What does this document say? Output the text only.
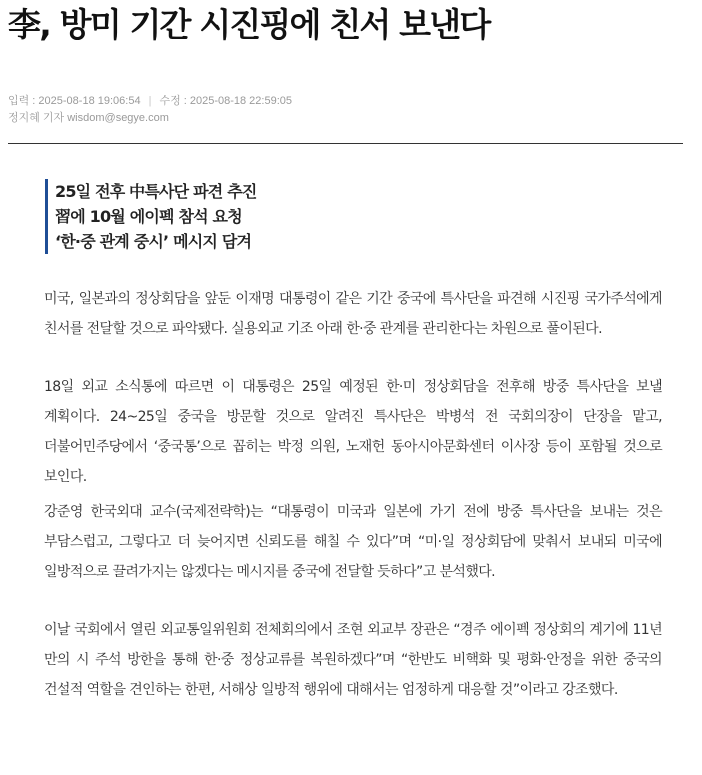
李, 방미 기간 시진핑에 친서 보낸다
입력 : 2025-08-18 19:06:54 | 수정 : 2025-08-18 22:59:05
정지혜 기자 wisdom@segye.com
25일 전후 中특사단 파견 추진
習에 10월 에이펙 참석 요청
‘한·중 관계 중시’ 메시지 담겨

미국, 일본과의 정상회담을 앞둔 이재명 대통령이 같은 기간 중국에 특사단을 파견해 시진핑 국가주석에게 친서를 전달할 것으로 파악됐다. 실용외교 기조 아래 한·중 관계를 관리한다는 차원으로 풀이된다.

18일 외교 소식통에 따르면 이 대통령은 25일 예정된 한·미 정상회담을 전후해 방중 특사단을 보낼 계획이다. 24~25일 중국을 방문할 것으로 알려진 특사단은 박병석 전 국회의장이 단장을 맡고, 더불어민주당에서 ‘중국통’으로 꼽히는 박정 의원, 노재헌 동아시아문화센터 이사장 등이 포함될 것으로 보인다.

강준영 한국외대 교수(국제전략학)는 “대통령이 미국과 일본에 가기 전에 방중 특사단을 보내는 것은 부담스럽고, 그렇다고 더 늦어지면 신뢰도를 해칠 수 있다”며 “미·일 정상회담에 맞춰서 보내되 미국에 일방적으로 끌려가지는 않겠다는 메시지를 중국에 전달할 듯하다”고 분석했다.

이날 국회에서 열린 외교통일위원회 전체회의에서 조현 외교부 장관은 “경주 에이펙 정상회의 계기에 11년 만의 시 주석 방한을 통해 한·중 정상교류를 복원하겠다”며 “한반도 비핵화 및 평화·안정을 위한 중국의 건설적 역할을 견인하는 한편, 서해상 일방적 행위에 대해서는 엄정하게 대응할 것”이라고 강조했다.
